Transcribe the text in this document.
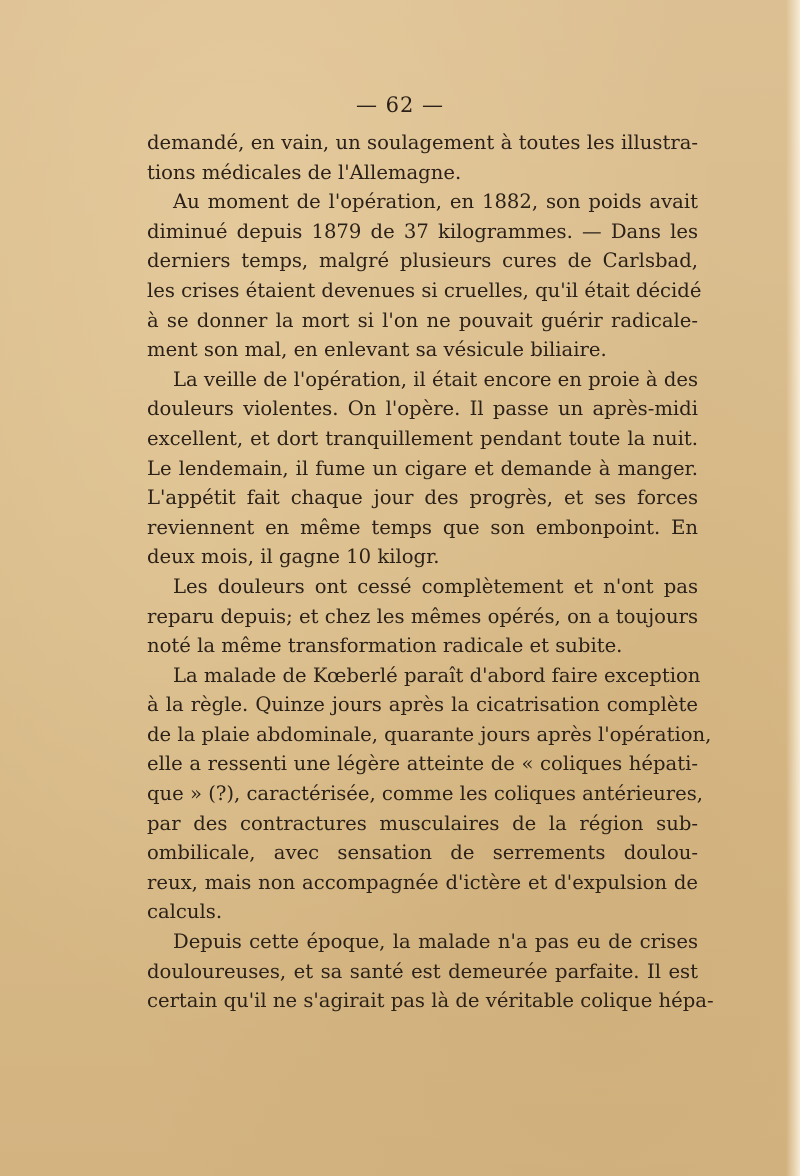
— 62 —
demandé, en vain, un soulagement à toutes les illustra-
tions médicales de l'Allemagne.
Au moment de l'opération, en 1882, son poids avait
diminué depuis 1879 de 37 kilogrammes. — Dans les
derniers temps, malgré plusieurs cures de Carlsbad,
les crises étaient devenues si cruelles, qu'il était décidé
à se donner la mort si l'on ne pouvait guérir radicale-
ment son mal, en enlevant sa vésicule biliaire.
La veille de l'opération, il était encore en proie à des
douleurs violentes. On l'opère. Il passe un après-midi
excellent, et dort tranquillement pendant toute la nuit.
Le lendemain, il fume un cigare et demande à manger.
L'appétit fait chaque jour des progrès, et ses forces
reviennent en même temps que son embonpoint. En
deux mois, il gagne 10 kilogr.
Les douleurs ont cessé complètement et n'ont pas
reparu depuis; et chez les mêmes opérés, on a toujours
noté la même transformation radicale et subite.
La malade de Kœberlé paraît d'abord faire exception
à la règle. Quinze jours après la cicatrisation complète
de la plaie abdominale, quarante jours après l'opération,
elle a ressenti une légère atteinte de « coliques hépati-
que » (?), caractérisée, comme les coliques antérieures,
par des contractures musculaires de la région sub-
ombilicale, avec sensation de serrements doulou-
reux, mais non accompagnée d'ictère et d'expulsion de
calculs.
Depuis cette époque, la malade n'a pas eu de crises
douloureuses, et sa santé est demeurée parfaite. Il est
certain qu'il ne s'agirait pas là de véritable colique hépa-
